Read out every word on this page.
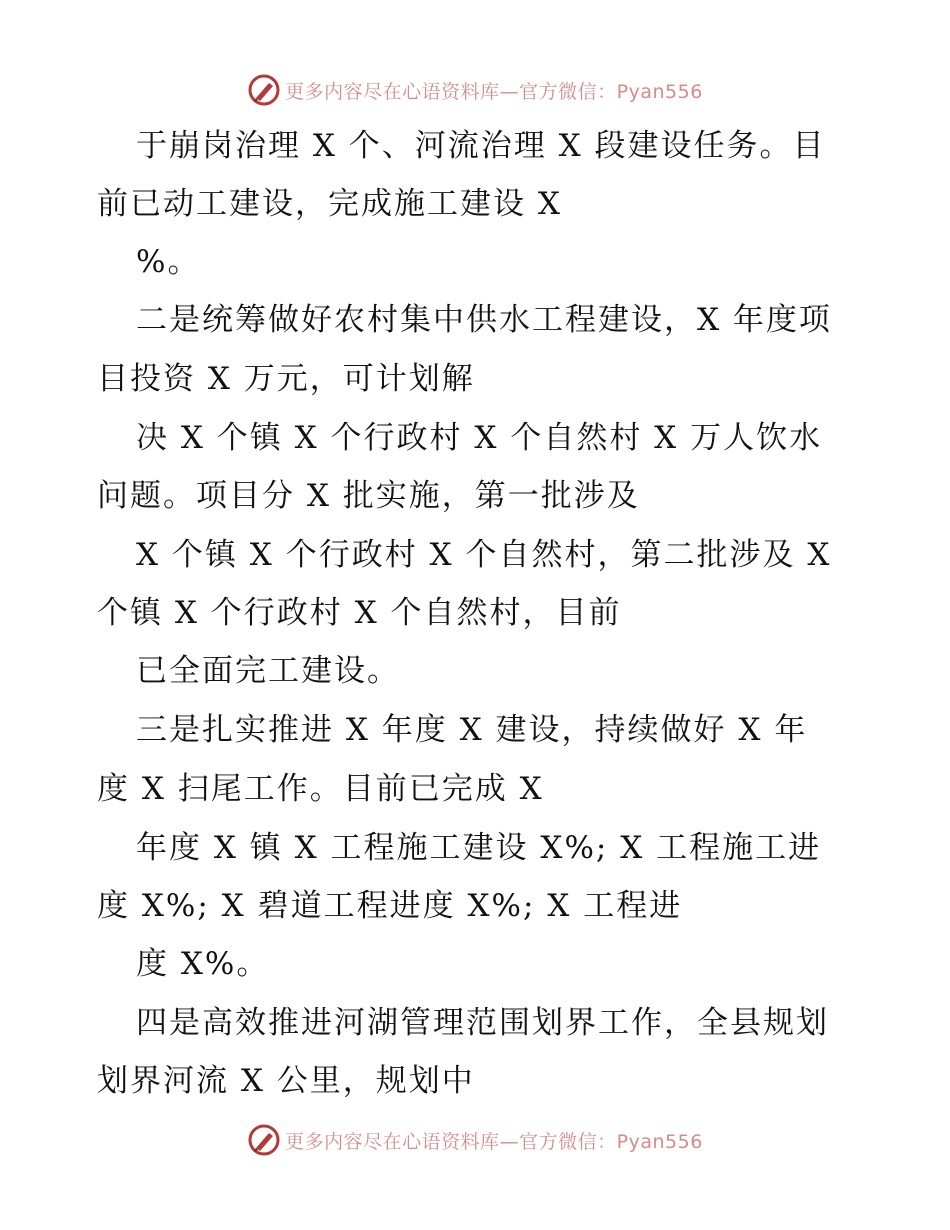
更多内容尽在心语资料库—官方微信：Pyan556
于崩岗治理 X 个、河流治理 X 段建设任务。目
前已动工建设，完成施工建设 X
%。
二是统筹做好农村集中供水工程建设，X 年度项
目投资 X 万元，可计划解
决 X 个镇 X 个行政村 X 个自然村 X 万人饮水
问题。项目分 X 批实施，第一批涉及
X 个镇 X 个行政村 X 个自然村，第二批涉及 X
个镇 X 个行政村 X 个自然村，目前
已全面完工建设。
三是扎实推进 X 年度 X 建设，持续做好 X 年
度 X 扫尾工作。目前已完成 X
年度 X 镇 X 工程施工建设 X%; X 工程施工进
度 X%; X 碧道工程进度 X%; X 工程进
度 X%。
四是高效推进河湖管理范围划界工作，全县规划
划界河流 X 公里，规划中
更多内容尽在心语资料库—官方微信：Pyan556
